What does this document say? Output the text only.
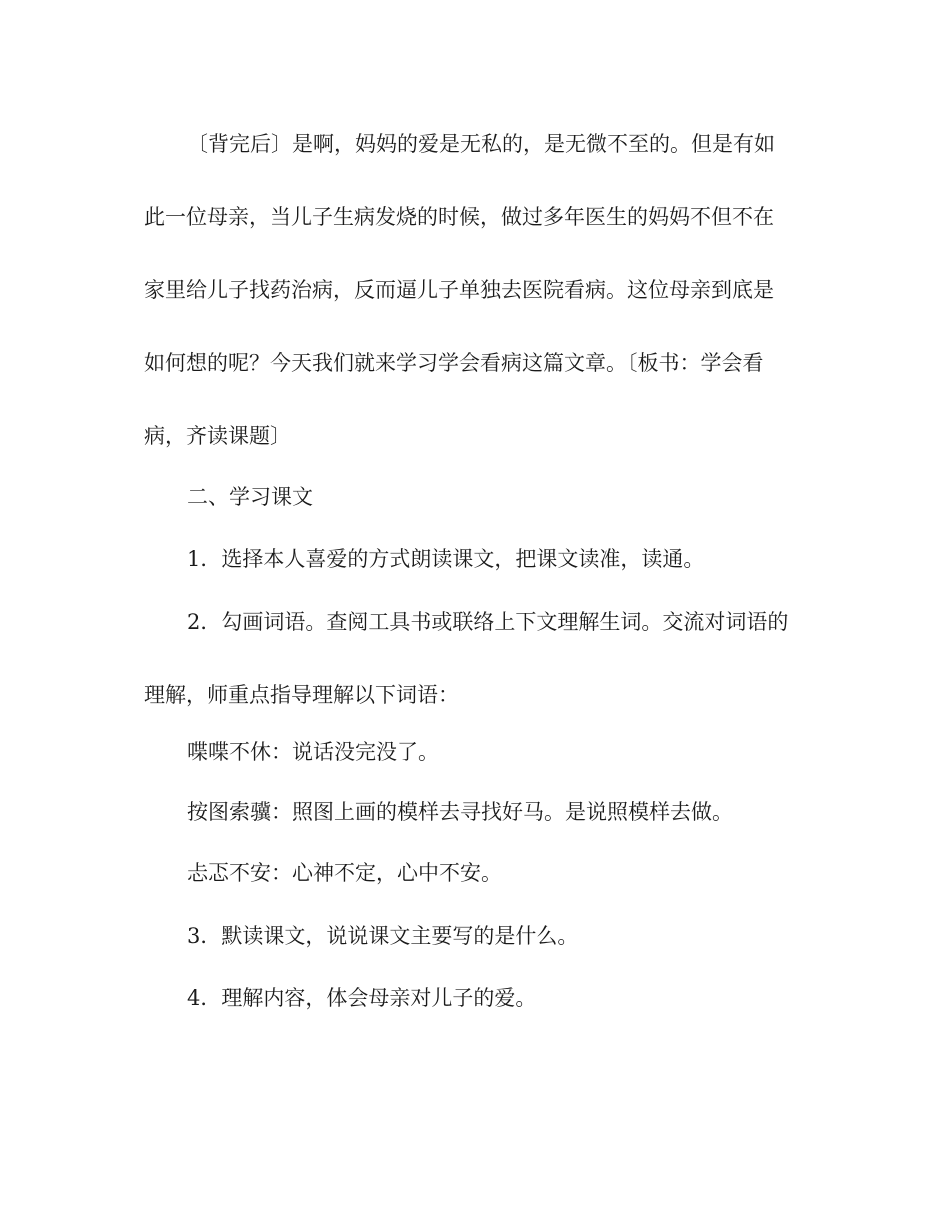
〔背完后〕是啊，妈妈的爱是无私的，是无微不至的。但是有如

此一位母亲，当儿子生病发烧的时候，做过多年医生的妈妈不但不在

家里给儿子找药治病，反而逼儿子单独去医院看病。这位母亲到底是

如何想的呢？今天我们就来学习学会看病这篇文章。〔板书：学会看

病，齐读课题〕

二、学习课文

1．选择本人喜爱的方式朗读课文，把课文读准，读通。

2．勾画词语。查阅工具书或联络上下文理解生词。交流对词语的

理解，师重点指导理解以下词语：

喋喋不休：说话没完没了。

按图索骥：照图上画的模样去寻找好马。是说照模样去做。

忐忑不安：心神不定，心中不安。

3．默读课文，说说课文主要写的是什么。

4．理解内容，体会母亲对儿子的爱。
